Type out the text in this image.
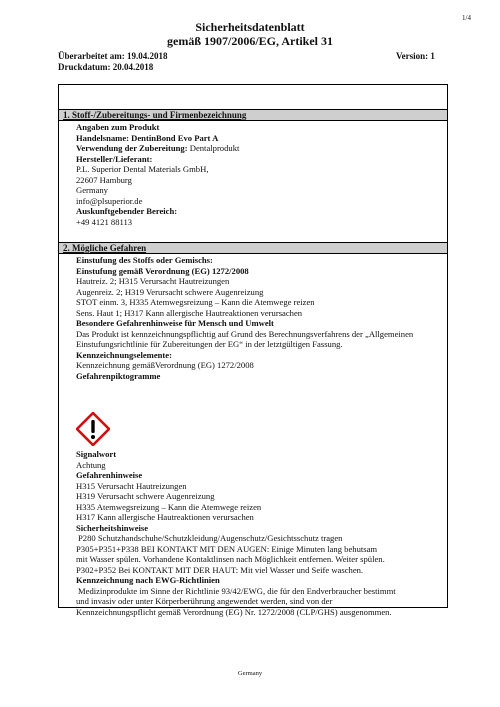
1/4
Sicherheitsdatenblatt
gemäß 1907/2006/EG, Artikel 31
Überarbeitet am: 19.04.2018
Druckdatum: 20.04.2018
Version: 1
1. Stoff-/Zubereitungs- und Firmenbezeichnung
Angaben zum Produkt
Handelsname: DentinBond Evo Part A
Verwendung der Zubereitung: Dentalprodukt
Hersteller/Lieferant:
P.L. Superior Dental Materials GmbH,
22607 Hamburg
Germany
info@plsuperior.de
Auskunftgebender Bereich:
+49 4121 88113
2. Mögliche Gefahren
Einstufung des Stoffs oder Gemischs:
Einstufung gemäß Verordnung (EG) 1272/2008
Hautreiz. 2; H315 Verursacht Hautreizungen
Augenreiz. 2; H319 Verursacht schwere Augenreizung
STOT einm. 3, H335 Atemwegsreizung – Kann die Atemwege reizen
Sens. Haut 1; H317 Kann allergische Hautreaktionen verursachen
Besondere Gefahrenhinweise für Mensch und Umwelt
Das Produkt ist kennzeichnungspflichtig auf Grund des Berechnungsverfahrens der „Allgemeinen Einstufungsrichtlinie für Zubereitungen der EG“ in der letztgültigen Fassung.
Kennzeichnungselemente:
Kennzeichnung gemäßVerordnung (EG) 1272/2008
Gefahrenpiktogramme
Signalwort
Achtung
Gefahrenhinweise
H315 Verursacht Hautreizungen
H319 Verursacht schwere Augenreizung
H335 Atemwegsreizung – Kann die Atemwege reizen
H317 Kann allergische Hautreaktionen verursachen
Sicherheitshinweise
P280 Schutzhandschuhe/Schutzkleidung/Augenschutz/Gesichtsschutz tragen
P305+P351+P338 BEI KONTAKT MIT DEN AUGEN: Einige Minuten lang behutsam
mit Wasser spülen. Vorhandene Kontaktlinsen nach Möglichkeit entfernen. Weiter spülen.
P302+P352 Bei KONTAKT MIT DER HAUT: Mit viel Wasser und Seife waschen.
Kennzeichnung nach EWG-Richtlinien
Medizinprodukte im Sinne der Richtlinie 93/42/EWG, die für den Endverbraucher bestimmt
und invasiv oder unter Körperberührung angewendet werden, sind von der
Kennzeichnungspflicht gemäß Verordnung (EG) Nr. 1272/2008 (CLP/GHS) ausgenommen.
Germany
